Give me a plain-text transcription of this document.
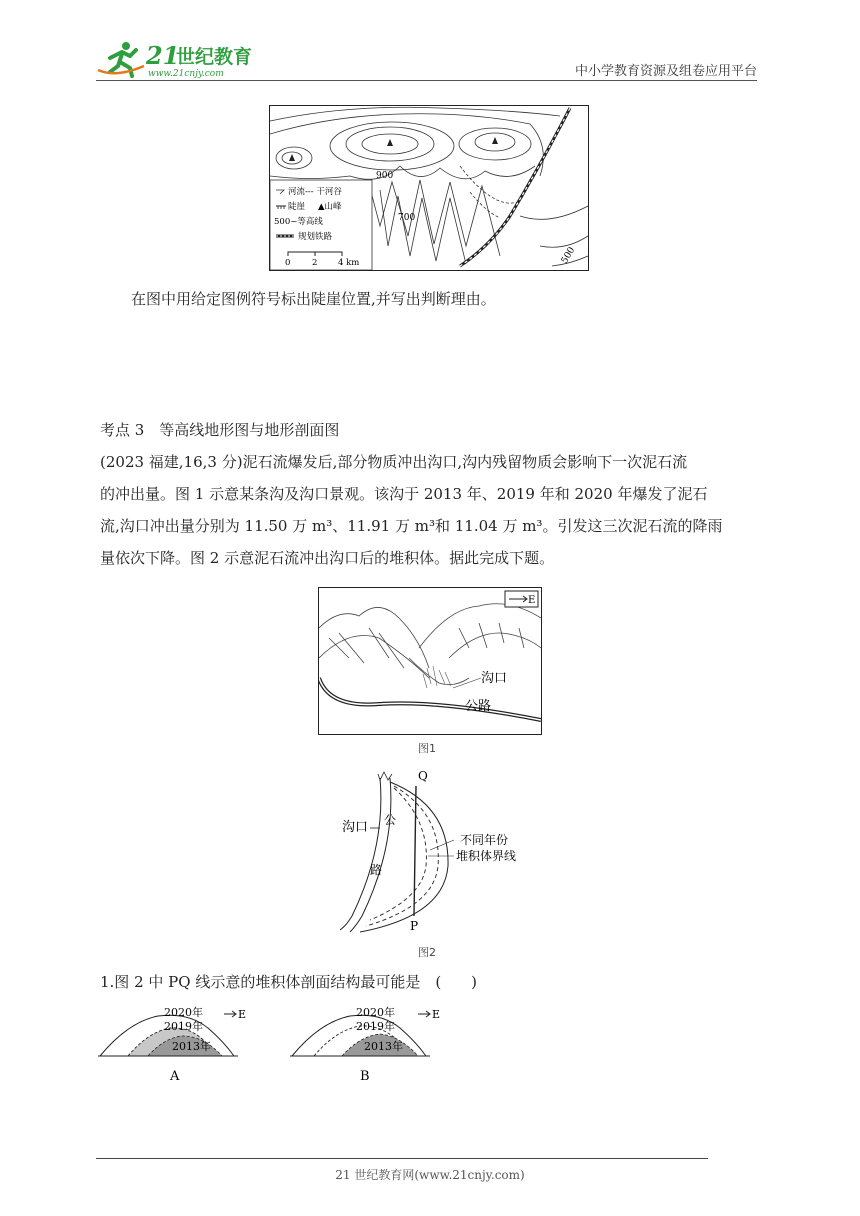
21
世纪教育
www.21cnjy.com	中小学教育资源及组卷应用平台
900
700
500
河流--- 干河谷
陡崖 ▲山峰
500~等高线
规划铁路
0	2 4 km
在图中用给定图例符号标出陡崖位置,并写出判断理由。
考点 3　等高线地形图与地形剖面图
(2023 福建,16,3 分)泥石流爆发后,部分物质冲出沟口,沟内残留物质会影响下一次泥石流
的冲出量。图 1 示意某条沟及沟口景观。该沟于 2013 年、2019 年和 2020 年爆发了泥石
流,沟口冲出量分别为 11.50 万 m³、11.91 万 m³和 11.04 万 m³。引发这三次泥石流的降雨
量依次下降。图 2 示意泥石流冲出沟口后的堆积体。据此完成下题。
E
沟口
公路
图1
Q
P
沟口 公
路
不同年份
堆积体界线
图2
1.图 2 中 PQ 线示意的堆积体剖面结构最可能是　(　　)
2020年
2019年
2013年
E
A
2020年
2019年
2013年
E
B
21 世纪教育网(www.21cnjy.com)
